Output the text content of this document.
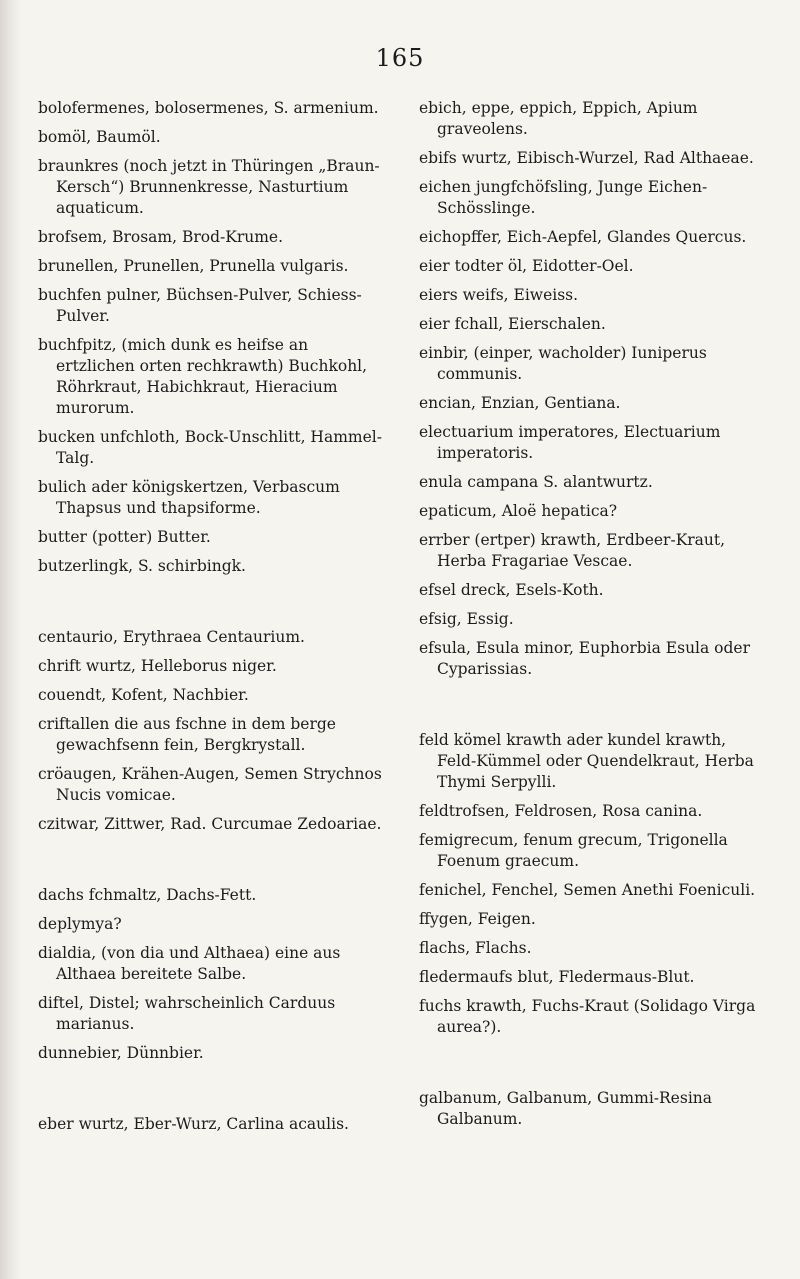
165

bolofermenes, bolosermenes, S. armenium.

bomöl, Baumöl.

braunkres (noch jetzt in Thüringen „Braun-Kersch“) Brunnenkresse, Nasturtium aquaticum.

brofsem, Brosam, Brod-Krume.

brunellen, Prunellen, Prunella vulgaris.

buchfen pulner, Büchsen-Pulver, Schiess-Pulver.

buchfpitz, (mich dunk es heifse an ertzlichen orten rechkrawth) Buchkohl, Röhrkraut, Habichkraut, Hieracium murorum.

bucken unfchloth, Bock-Unschlitt, Hammel-Talg.

bulich ader königskertzen, Verbascum Thapsus und thapsiforme.

butter (potter) Butter.

butzerlingk, S. schirbingk.

centaurio, Erythraea Centaurium.

chrift wurtz, Helleborus niger.

couendt, Kofent, Nachbier.

criftallen die aus fschne in dem berge gewachfsenn fein, Bergkrystall.

cröaugen, Krähen-Augen, Semen Strychnos Nucis vomicae.

czitwar, Zittwer, Rad. Curcumae Zedoariae.

dachs fchmaltz, Dachs-Fett.

deplymya?

dialdia, (von dia und Althaea) eine aus Althaea bereitete Salbe.

diftel, Distel; wahrscheinlich Carduus marianus.

dunnebier, Dünnbier.

eber wurtz, Eber-Wurz, Carlina acaulis.

ebich, eppe, eppich, Eppich, Apium graveolens.

ebifs wurtz, Eibisch-Wurzel, Rad Althaeae.

eichen jungfchöfsling, Junge Eichen-Schösslinge.

eichopffer, Eich-Aepfel, Glandes Quercus.

eier todter öl, Eidotter-Oel.

eiers weifs, Eiweiss.

eier fchall, Eierschalen.

einbir, (einper, wacholder) Iuniperus communis.

encian, Enzian, Gentiana.

electuarium imperatores, Electuarium imperatoris.

enula campana S. alantwurtz.

epaticum, Aloë hepatica?

errber (ertper) krawth, Erdbeer-Kraut, Herba Fragariae Vescae.

efsel dreck, Esels-Koth.

efsig, Essig.

efsula, Esula minor, Euphorbia Esula oder Cyparissias.

feld kömel krawth ader kundel krawth, Feld-Kümmel oder Quendelkraut, Herba Thymi Serpylli.

feldtrofsen, Feldrosen, Rosa canina.

femigrecum, fenum grecum, Trigonella Foenum graecum.

fenichel, Fenchel, Semen Anethi Foeniculi.

ffygen, Feigen.

flachs, Flachs.

fledermaufs blut, Fledermaus-Blut.

fuchs krawth, Fuchs-Kraut (Solidago Virga aurea?).

galbanum, Galbanum, Gummi-Resina Galbanum.
